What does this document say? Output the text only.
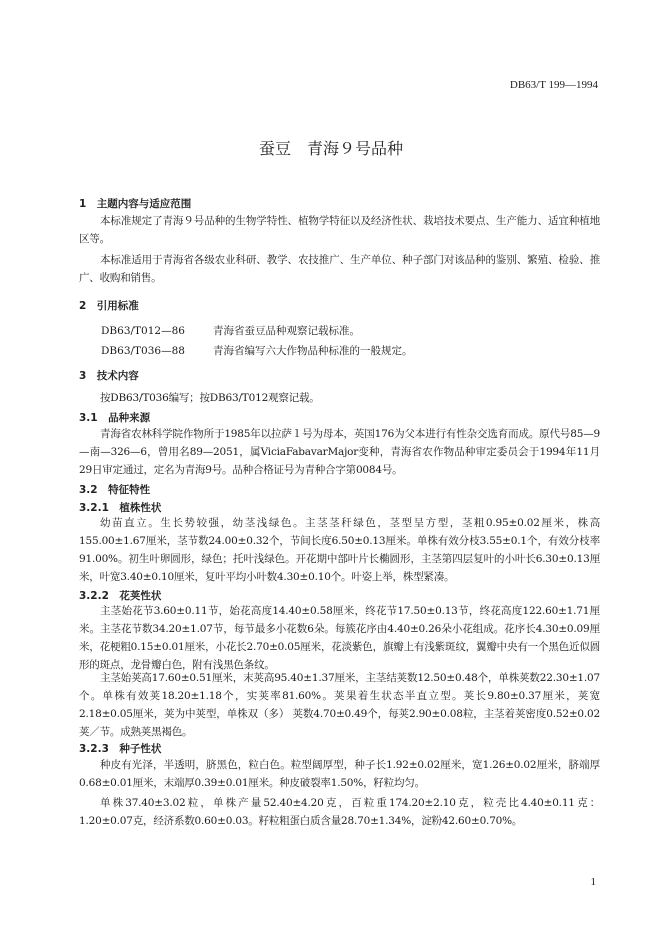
DB63/T 199—1994
蚕豆　青海９号品种
1　主题内容与适应范围
本标准规定了青海９号品种的生物学特性、植物学特征以及经济性状、栽培技术要点、生产能力、适宜种植地区等。
本标准适用于青海省各级农业科研、教学、农技推广、生产单位、种子部门对该品种的鉴别、繁殖、检验、推广、收购和销售。
2　引用标准
DB63/T012—86	青海省蚕豆品种观察记载标准。
DB63/T036—88	青海省编写六大作物品种标准的一般规定。
3　技术内容
按DB63/T036编写；按DB63/T012观察记载。
3.1　品种来源
青海省农林科学院作物所于1985年以拉萨１号为母本，英国176为父本进行有性杂交选育而成。原代号85—9—南—326—6，曾用名89—2051，属ViciaFabavarMajor变种，青海省农作物品种审定委员会于1994年11月29日审定通过，定名为青海9号。品种合格证号为青种合字第0084号。
3.2　特征特性
3.2.1　植株性状
幼苗直立。生长势较强，幼茎浅绿色。主茎茎秆绿色，茎型呈方型，茎粗0.95±0.02厘米，株高155.00±1.67厘米，茎节数24.00±0.32个，节间长度6.50±0.13厘米。单株有效分枝3.55±0.1个，有效分枝率91.00%。初生叶卵圆形，绿色；托叶浅绿色。开花期中部叶片长椭圆形，主茎第四层复叶的小叶长6.30±0.13厘米，叶宽3.40±0.10厘米，复叶平均小叶数4.30±0.10个。叶姿上举，株型紧凑。
3.2.2　花荚性状
主茎始花节3.60±0.11节，始花高度14.40±0.58厘米，终花节17.50±0.13节，终花高度122.60±1.71厘米。主茎花节数34.20±1.07节，每节最多小花数6朵。每簇花序由4.40±0.26朵小花组成。花序长4.30±0.09厘米，花梗粗0.15±0.01厘米，小花长2.70±0.05厘米，花淡紫色，旗瓣上有浅紫斑纹，翼瓣中央有一个黑色近似圆形的斑点，龙骨瓣白色，附有浅黑色条纹。
主茎始荚高17.60±0.51厘米，末荚高95.40±1.37厘米，主茎结荚数12.50±0.48个，单株荚数22.30±1.07个。单株有效荚18.20±1.18个，实荚率81.60%。荚果着生状态半直立型。荚长9.80±0.37厘米，荚宽2.18±0.05厘米，荚为中荚型，单株双（多） 荚数4.70±0.49个，每荚2.90±0.08粒，主茎着荚密度0.52±0.02荚／节。成熟荚黑褐色。
3.2.3　种子性状
种皮有光泽，半透明，脐黑色，粒白色。粒型阔厚型，种子长1.92±0.02厘米，宽1.26±0.02厘米，脐端厚0.68±0.01厘米，末端厚0.39±0.01厘米。种皮破裂率1.50%，籽粒均匀。
单株37.40±3.02粒，单株产量52.40±4.20克，百粒重174.20±2.10克，粒壳比4.40±0.11克：1.20±0.07克，经济系数0.60±0.03。籽粒粗蛋白质含量28.70±1.34%，淀粉42.60±0.70%。
1
